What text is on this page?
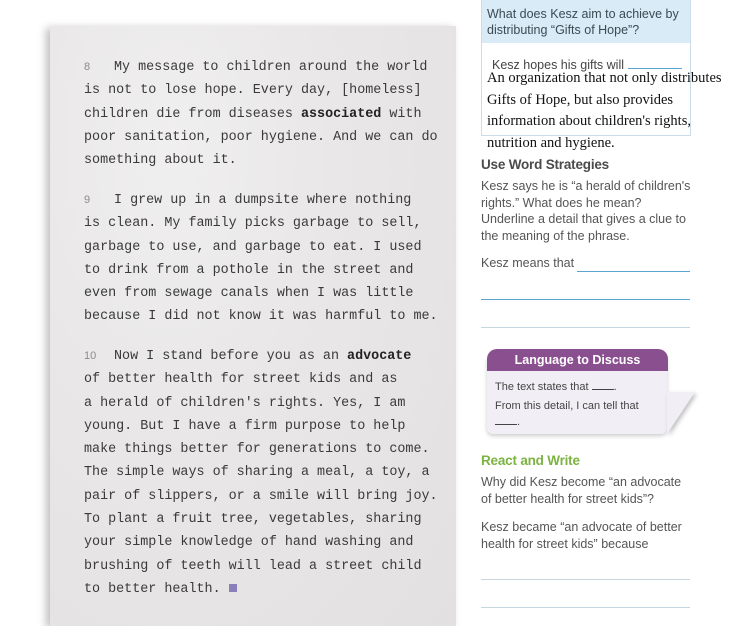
8 My message to children around the world
is not to lose hope. Every day, [homeless]
children die from diseases associated with
poor sanitation, poor hygiene. And we can do
something about it.
9 I grew up in a dumpsite where nothing
is clean. My family picks garbage to sell,
garbage to use, and garbage to eat. I used
to drink from a pothole in the street and
even from sewage canals when I was little
because I did not know it was harmful to me.
10 Now I stand before you as an advocate
of better health for street kids and as
a herald of children's rights. Yes, I am
young. But I have a firm purpose to help
make things better for generations to come.
The simple ways of sharing a meal, a toy, a
pair of slippers, or a smile will bring joy.
To plant a fruit tree, vegetables, sharing
your simple knowledge of hand washing and
brushing of teeth will lead a street child
to better health.
What does Kesz aim to achieve by distributing “Gifts of Hope”?
Kesz hopes his gifts will
An organization that not only distributes Gifts of Hope, but also provides information about children's rights, nutrition and hygiene.
Use Word Strategies
Kesz says he is “a herald of children's rights.” What does he mean? Underline a detail that gives a clue to the meaning of the phrase.
Kesz means that
Language to Discuss
The text states that .
From this detail, I can tell that
.
React and Write
Why did Kesz become “an advocate of better health for street kids”?
Kesz became “an advocate of better health for street kids” because
